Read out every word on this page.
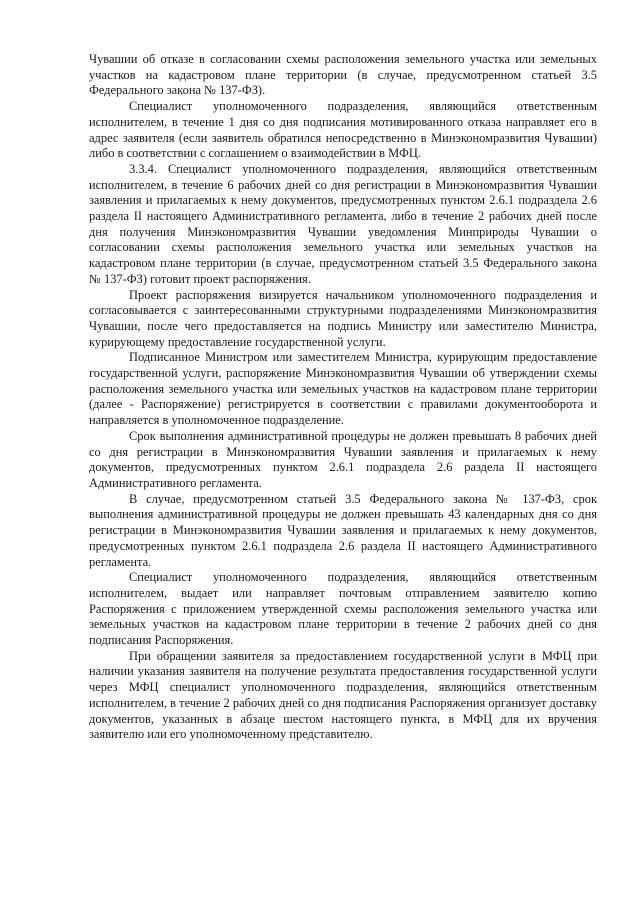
Чувашии об отказе в согласовании схемы расположения земельного участка или земельных участков на кадастровом плане территории (в случае, предусмотренном статьей 3.5 Федерального закона № 137-ФЗ).

Специалист уполномоченного подразделения, являющийся ответственным исполнителем, в течение 1 дня со дня подписания мотивированного отказа направляет его в адрес заявителя (если заявитель обратился непосредственно в Минэкономразвития Чувашии) либо в соответствии с соглашением о взаимодействии в МФЦ.

3.3.4. Специалист уполномоченного подразделения, являющийся ответственным исполнителем, в течение 6 рабочих дней со дня регистрации в Минэкономразвития Чувашии заявления и прилагаемых к нему документов, предусмотренных пунктом 2.6.1 подраздела 2.6 раздела II настоящего Административного регламента, либо в течение 2 рабочих дней после дня получения Минэкономразвития Чувашии уведомления Минприроды Чувашии о согласовании схемы расположения земельного участка или земельных участков на кадастровом плане территории (в случае, предусмотренном статьей 3.5 Федерального закона № 137-ФЗ) готовит проект распоряжения.

Проект распоряжения визируется начальником уполномоченного подразделения и согласовывается с заинтересованными структурными подразделениями Минэкономразвития Чувашии, после чего предоставляется на подпись Министру или заместителю Министра, курирующему предоставление государственной услуги.

Подписанное Министром или заместителем Министра, курирующим предоставление государственной услуги, распоряжение Минэкономразвития Чувашии об утверждении схемы расположения земельного участка или земельных участков на кадастровом плане территории (далее - Распоряжение) регистрируется в соответствии с правилами документооборота и направляется в уполномоченное подразделение.

Срок выполнения административной процедуры не должен превышать 8 рабочих дней со дня регистрации в Минэкономразвития Чувашии заявления и прилагаемых к нему документов, предусмотренных пунктом 2.6.1 подраздела 2.6 раздела II настоящего Административного регламента.

В случае, предусмотренном статьей 3.5 Федерального закона № 137-ФЗ, срок выполнения административной процедуры не должен превышать 43 календарных дня со дня регистрации в Минэкономразвития Чувашии заявления и прилагаемых к нему документов, предусмотренных пунктом 2.6.1 подраздела 2.6 раздела II настоящего Административного регламента.

Специалист уполномоченного подразделения, являющийся ответственным исполнителем, выдает или направляет почтовым отправлением заявителю копию Распоряжения с приложением утвержденной схемы расположения земельного участка или земельных участков на кадастровом плане территории в течение 2 рабочих дней со дня подписания Распоряжения.

При обращении заявителя за предоставлением государственной услуги в МФЦ при наличии указания заявителя на получение результата предоставления государственной услуги через МФЦ специалист уполномоченного подразделения, являющийся ответственным исполнителем, в течение 2 рабочих дней со дня подписания Распоряжения организует доставку документов, указанных в абзаце шестом настоящего пункта, в МФЦ для их вручения заявителю или его уполномоченному представителю.
